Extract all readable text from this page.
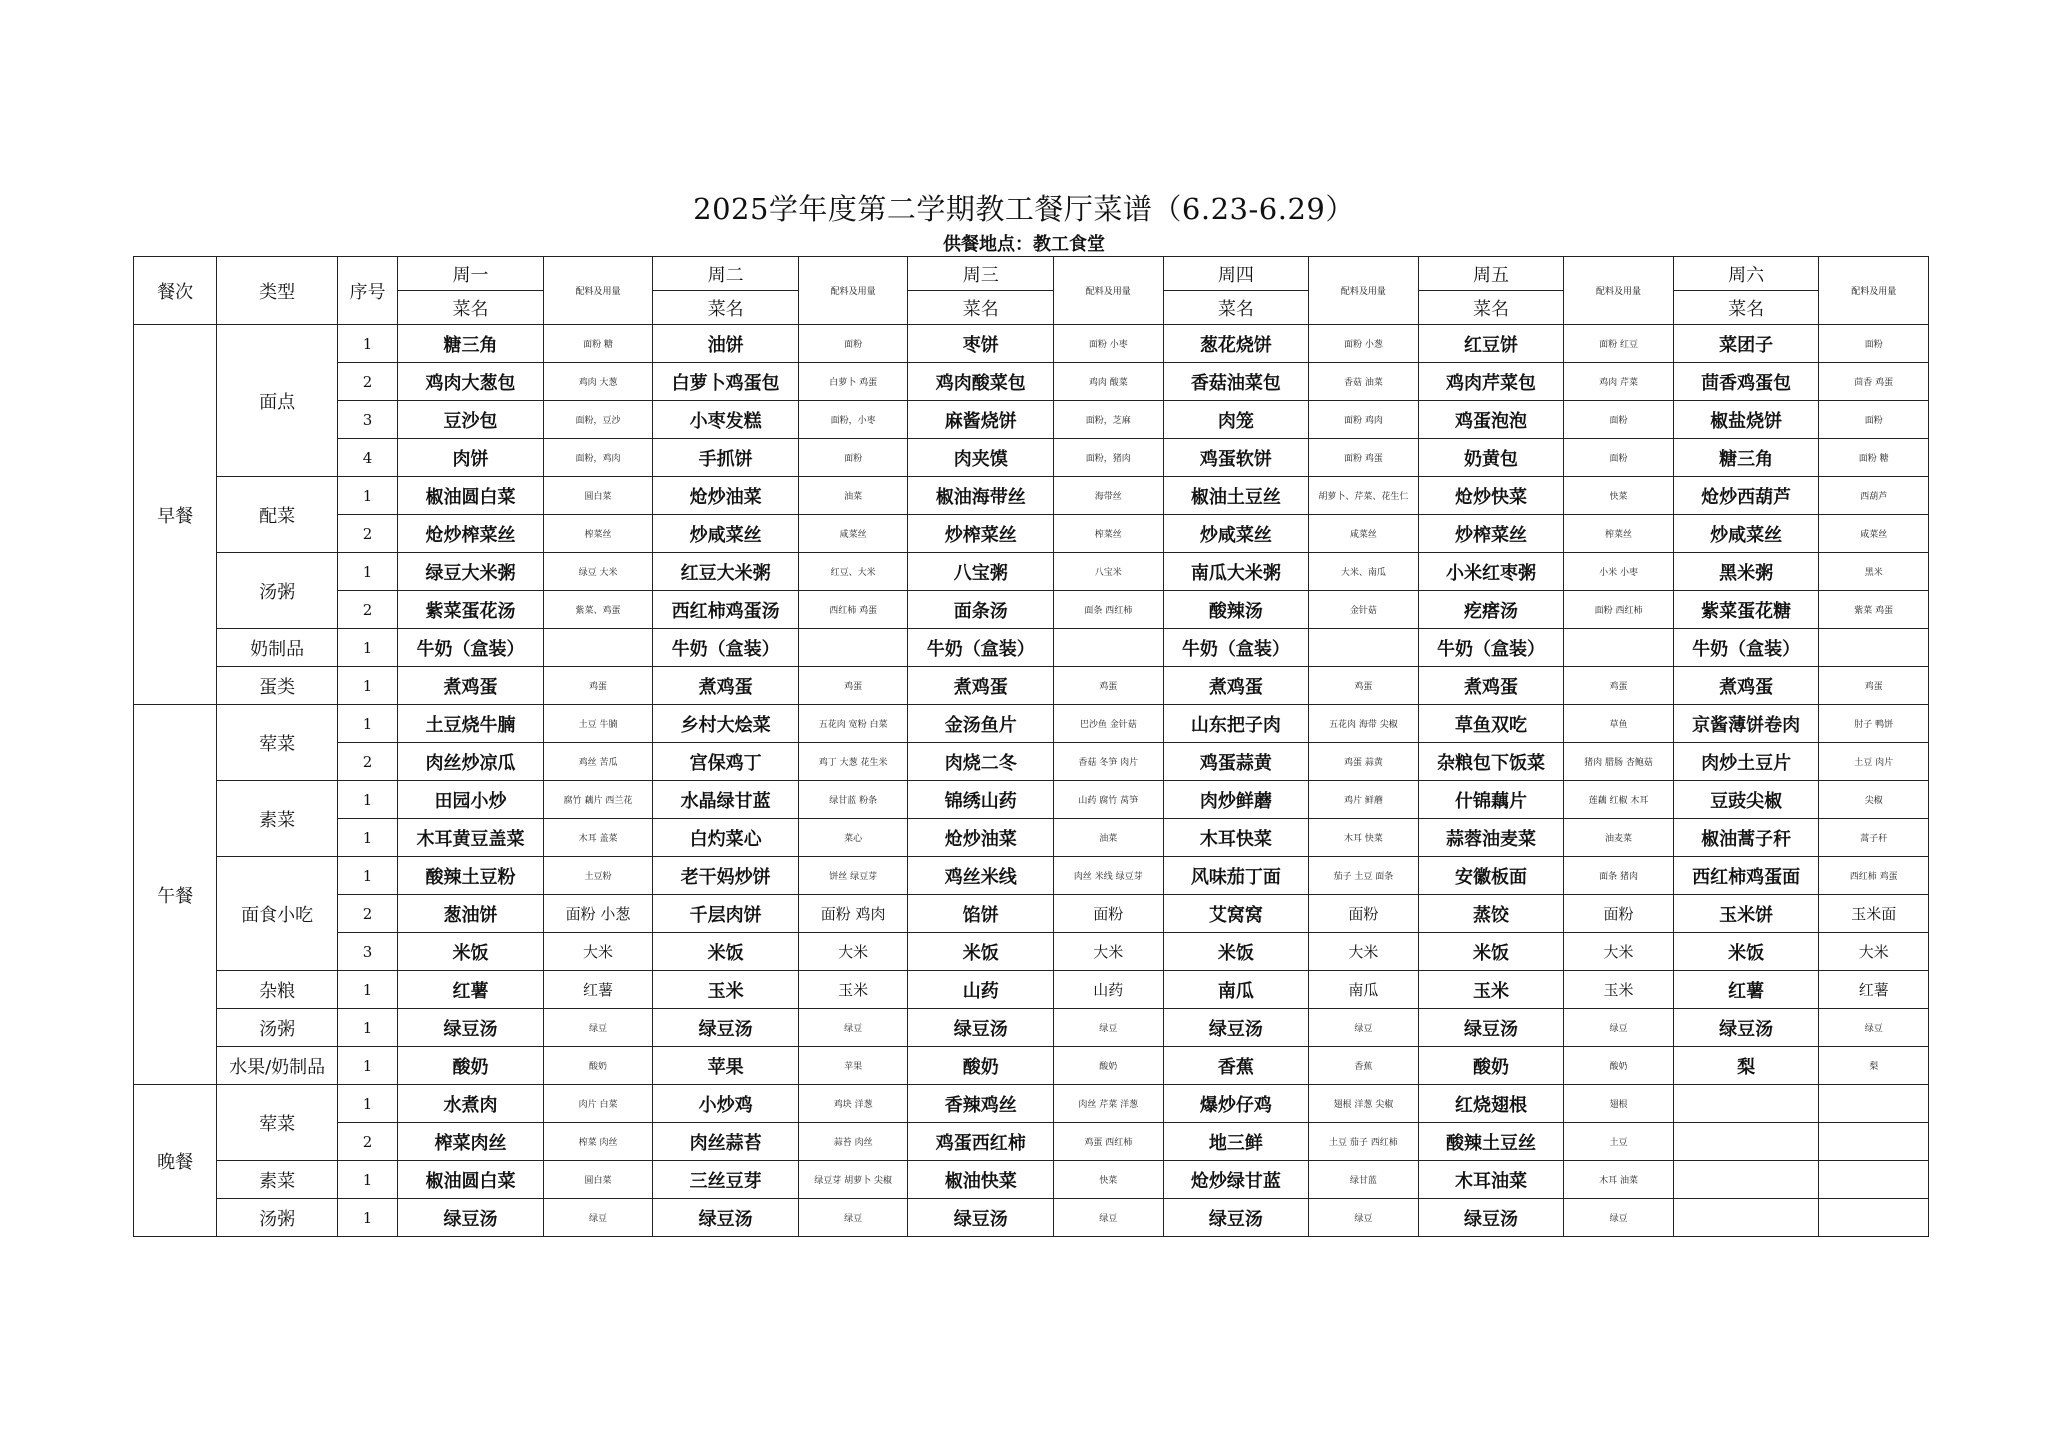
2025学年度第二学期教工餐厅菜谱（6.23-6.29）
供餐地点：教工食堂
餐次	类型	序号	周一	配料及用量	周二	配料及用量	周三	配料及用量	周四	配料及用量	周五	配料及用量	周六	配料及用量
			菜名		菜名		菜名		菜名		菜名		菜名	
早餐	面点	1	糖三角	面粉 糖	油饼	面粉	枣饼	面粉 小枣	葱花烧饼	面粉 小葱	红豆饼	面粉 红豆	菜团子	面粉
		2	鸡肉大葱包	鸡肉 大葱	白萝卜鸡蛋包	白萝卜 鸡蛋	鸡肉酸菜包	鸡肉 酸菜	香菇油菜包	香菇 油菜	鸡肉芹菜包	鸡肉 芹菜	茴香鸡蛋包	茴香 鸡蛋
		3	豆沙包	面粉，豆沙	小枣发糕	面粉，小枣	麻酱烧饼	面粉，芝麻	肉笼	面粉 鸡肉	鸡蛋泡泡	面粉	椒盐烧饼	面粉
		4	肉饼	面粉，鸡肉	手抓饼	面粉	肉夹馍	面粉，猪肉	鸡蛋软饼	面粉 鸡蛋	奶黄包	面粉	糖三角	面粉 糖
	配菜	1	椒油圆白菜	圆白菜	炝炒油菜	油菜	椒油海带丝	海带丝	椒油土豆丝	胡萝卜、芹菜、花生仁	炝炒快菜	快菜	炝炒西葫芦	西葫芦
		2	炝炒榨菜丝	榨菜丝	炒咸菜丝	咸菜丝	炒榨菜丝	榨菜丝	炒咸菜丝	咸菜丝	炒榨菜丝	榨菜丝	炒咸菜丝	咸菜丝
	汤粥	1	绿豆大米粥	绿豆 大米	红豆大米粥	红豆、大米	八宝粥	八宝米	南瓜大米粥	大米、南瓜	小米红枣粥	小米 小枣	黑米粥	黑米
		2	紫菜蛋花汤	紫菜、鸡蛋	西红柿鸡蛋汤	西红柿 鸡蛋	面条汤	面条 西红柿	酸辣汤	金针菇	疙瘩汤	面粉 西红柿	紫菜蛋花糖	紫菜 鸡蛋
	奶制品	1	牛奶（盒装）		牛奶（盒装）		牛奶（盒装）		牛奶（盒装）		牛奶（盒装）		牛奶（盒装）	
	蛋类	1	煮鸡蛋	鸡蛋	煮鸡蛋	鸡蛋	煮鸡蛋	鸡蛋	煮鸡蛋	鸡蛋	煮鸡蛋	鸡蛋	煮鸡蛋	鸡蛋
午餐	荤菜	1	土豆烧牛腩	土豆 牛腩	乡村大烩菜	五花肉 宽粉 白菜	金汤鱼片	巴沙鱼 金针菇	山东把子肉	五花肉 海带 尖椒	草鱼双吃	草鱼	京酱薄饼卷肉	肘子 鸭饼
		2	肉丝炒凉瓜	鸡丝 苦瓜	宫保鸡丁	鸡丁 大葱 花生米	肉烧二冬	香菇 冬笋 肉片	鸡蛋蒜黄	鸡蛋 蒜黄	杂粮包下饭菜	猪肉 腊肠 杏鲍菇	肉炒土豆片	土豆 肉片
	素菜	1	田园小炒	腐竹 藕片 西兰花	水晶绿甘蓝	绿甘蓝 粉条	锦绣山药	山药 腐竹 莴笋	肉炒鲜蘑	鸡片 鲜蘑	什锦藕片	莲藕 红椒 木耳	豆豉尖椒	尖椒
		1	木耳黄豆盖菜	木耳 盖菜	白灼菜心	菜心	炝炒油菜	油菜	木耳快菜	木耳 快菜	蒜蓉油麦菜	油麦菜	椒油蒿子秆	蒿子秆
	面食小吃	1	酸辣土豆粉	土豆粉	老干妈炒饼	饼丝 绿豆芽	鸡丝米线	肉丝 米线 绿豆芽	风味茄丁面	茄子 土豆 面条	安徽板面	面条 猪肉	西红柿鸡蛋面	西红柿 鸡蛋
		2	葱油饼	面粉 小葱	千层肉饼	面粉 鸡肉	馅饼	面粉	艾窝窝	面粉	蒸饺	面粉	玉米饼	玉米面
		3	米饭	大米	米饭	大米	米饭	大米	米饭	大米	米饭	大米	米饭	大米
	杂粮	1	红薯	红薯	玉米	玉米	山药	山药	南瓜	南瓜	玉米	玉米	红薯	红薯
	汤粥	1	绿豆汤	绿豆	绿豆汤	绿豆	绿豆汤	绿豆	绿豆汤	绿豆	绿豆汤	绿豆	绿豆汤	绿豆
	水果/奶制品	1	酸奶	酸奶	苹果	苹果	酸奶	酸奶	香蕉	香蕉	酸奶	酸奶	梨	梨
晚餐	荤菜	1	水煮肉	肉片 白菜	小炒鸡	鸡块 洋葱	香辣鸡丝	肉丝 芹菜 洋葱	爆炒仔鸡	翅根 洋葱 尖椒	红烧翅根	翅根		
		2	榨菜肉丝	榨菜 肉丝	肉丝蒜苔	蒜苔 肉丝	鸡蛋西红柿	鸡蛋 西红柿	地三鲜	土豆 茄子 西红柿	酸辣土豆丝	土豆		
	素菜	1	椒油圆白菜	圆白菜	三丝豆芽	绿豆芽 胡萝卜 尖椒	椒油快菜	快菜	炝炒绿甘蓝	绿甘蓝	木耳油菜	木耳 油菜		
	汤粥	1	绿豆汤	绿豆	绿豆汤	绿豆	绿豆汤	绿豆	绿豆汤	绿豆	绿豆汤	绿豆		
